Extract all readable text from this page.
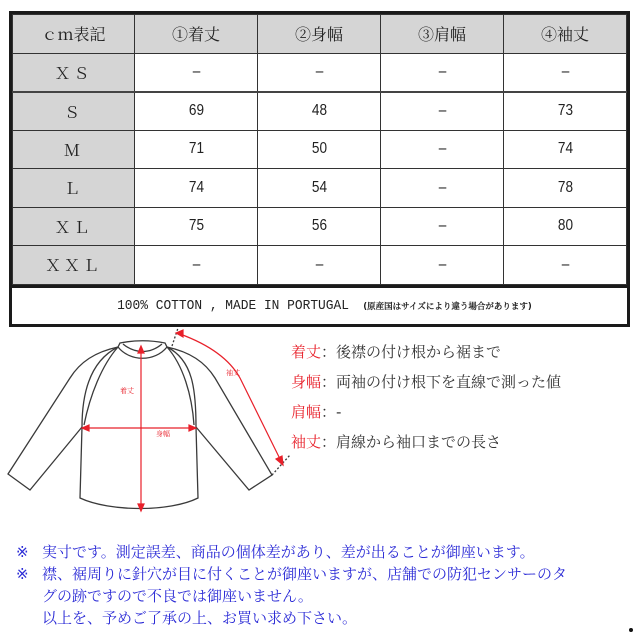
ｃｍ表記	①着丈	②身幅	③肩幅	④袖丈
ＸＳ	–	–	–	–
Ｓ	69	48	–	73
Ｍ	71	50	–	74
Ｌ	74	54	–	78
ＸＬ	75	56	–	80
ＸＸＬ	–	–	–	–
100% COTTON , MADE IN PORTUGAL (原産国はサイズにより違う場合があります)
着丈
身幅
袖丈
着丈：後襟の付け根から裾まで
身幅：両袖の付け根下を直線で測った値
肩幅：-
袖丈：肩線から袖口までの長さ
※ 実寸です。測定誤差、商品の個体差があり、差が出ることが御座います。
※ 襟、裾周りに針穴が目に付くことが御座いますが、店舗での防犯センサーのタ
グの跡ですので不良では御座いません。
以上を、予めご了承の上、お買い求め下さい。
